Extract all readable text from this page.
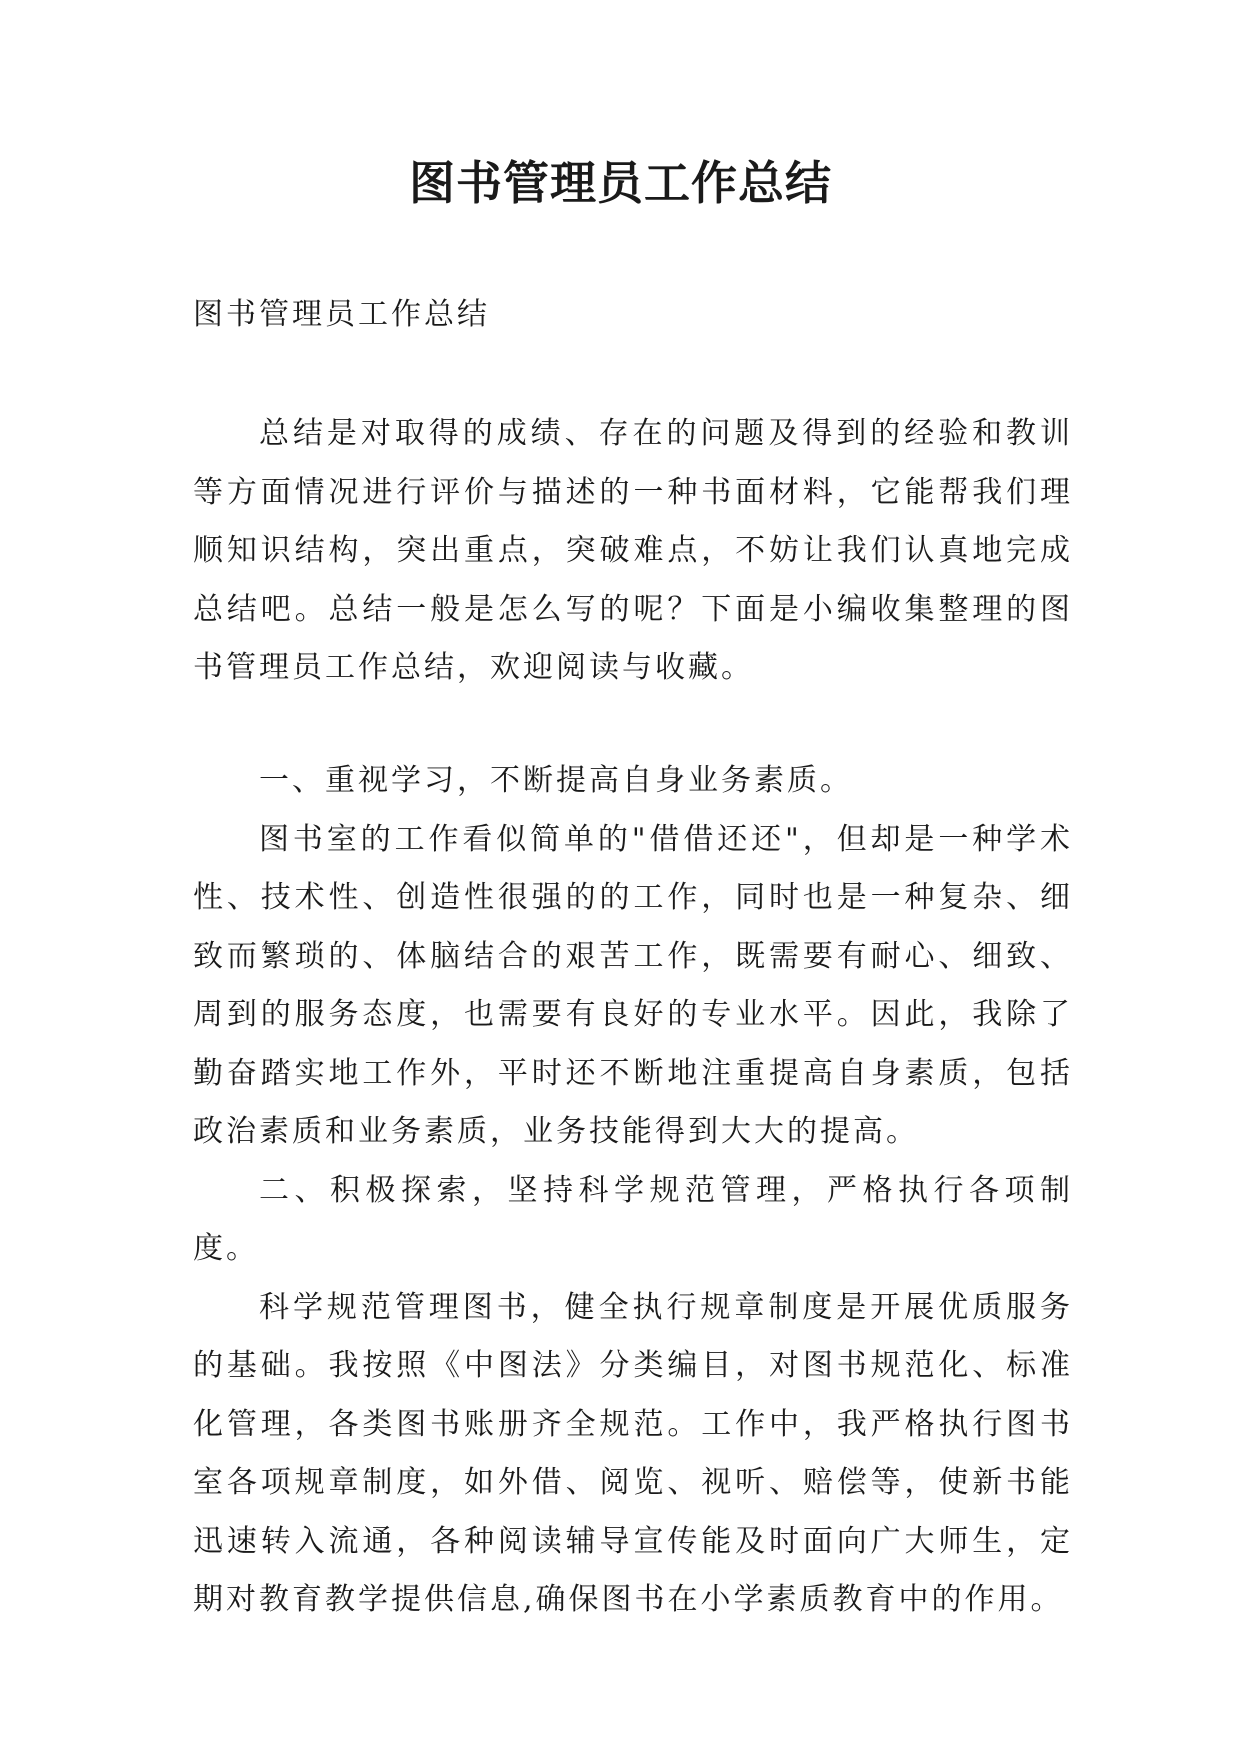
图书管理员工作总结
图书管理员工作总结

总结是对取得的成绩、存在的问题及得到的经验和教训等方面情况进行评价与描述的一种书面材料，它能帮我们理顺知识结构，突出重点，突破难点，不妨让我们认真地完成总结吧。总结一般是怎么写的呢？下面是小编收集整理的图书管理员工作总结，欢迎阅读与收藏。

一、重视学习，不断提高自身业务素质。

图书室的工作看似简单的"借借还还"，但却是一种学术性、技术性、创造性很强的的工作，同时也是一种复杂、细致而繁琐的、体脑结合的艰苦工作，既需要有耐心、细致、周到的服务态度，也需要有良好的专业水平。因此，我除了勤奋踏实地工作外，平时还不断地注重提高自身素质，包括政治素质和业务素质，业务技能得到大大的提高。

二、积极探索，坚持科学规范管理，严格执行各项制度。

科学规范管理图书，健全执行规章制度是开展优质服务的基础。我按照《中图法》分类编目，对图书规范化、标准化管理，各类图书账册齐全规范。工作中，我严格执行图书室各项规章制度，如外借、阅览、视听、赔偿等，使新书能迅速转入流通，各种阅读辅导宣传能及时面向广大师生，定期对教育教学提供信息,确保图书在小学素质教育中的作用。
